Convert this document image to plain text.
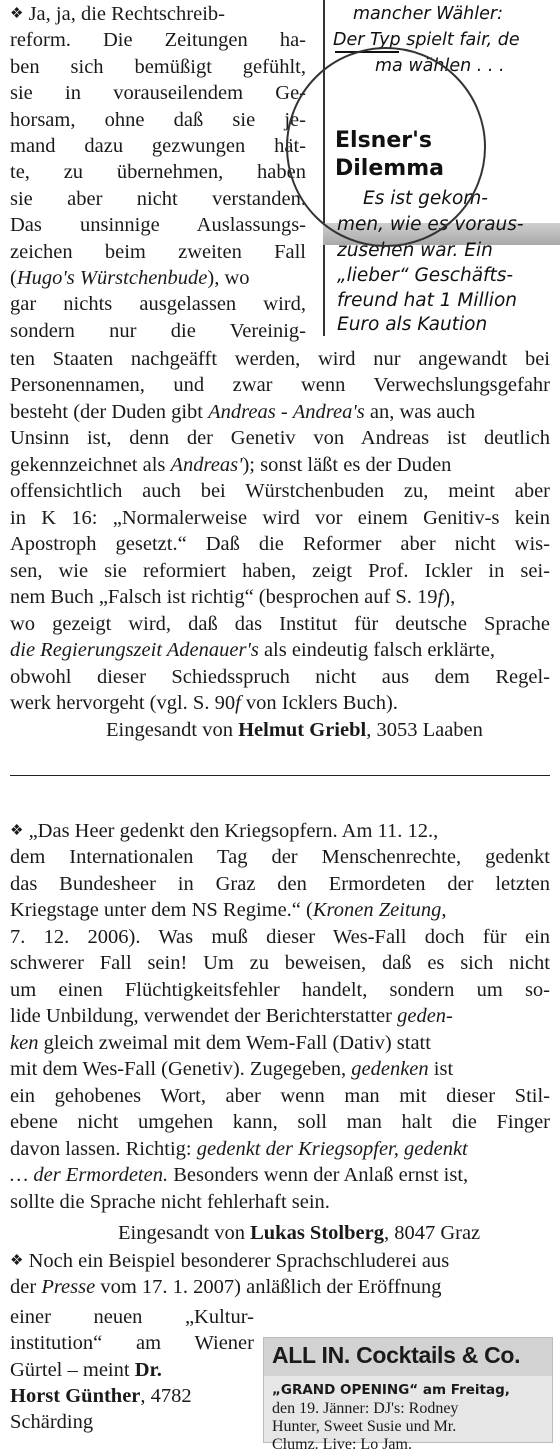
❖ Ja, ja, die Rechtschreib-
reform. Die Zeitungen ha-
ben sich bemüßigt gefühlt,
sie in vorauseilendem Ge-
horsam, ohne daß sie je-
mand dazu gezwungen hät-
te, zu übernehmen, haben
sie aber nicht verstanden.
Das unsinnige Auslassungs-
zeichen beim zweiten Fall
(Hugo's Würstchenbude), wo
gar nichts ausgelassen wird,
sondern nur die Vereinig-
ten Staaten nachgeäfft werden, wird nur angewandt bei
Personennamen, und zwar wenn Verwechslungsgefahr
besteht (der Duden gibt Andreas - Andrea's an, was auch
Unsinn ist, denn der Genetiv von Andreas ist deutlich
gekennzeichnet als Andreas'); sonst läßt es der Duden
offensichtlich auch bei Würstchenbuden zu, meint aber
in K 16: „Normalerweise wird vor einem Genitiv-s kein
Apostroph gesetzt.“ Daß die Reformer aber nicht wis-
sen, wie sie reformiert haben, zeigt Prof. Ickler in sei-
nem Buch „Falsch ist richtig“ (besprochen auf S. 19f),
wo gezeigt wird, daß das Institut für deutsche Sprache
die Regierungszeit Adenauer's als eindeutig falsch erklärte,
obwohl dieser Schiedsspruch nicht aus dem Regel-
werk hervorgeht (vgl. S. 90f von Icklers Buch).
Eingesandt von Helmut Griebl, 3053 Laaben
mancher Wähler:
Der Typ spielt fair, de
ma wählen . . .
Elsner's
Dilemma
Es ist gekom-
men, wie es voraus-
zusehen war. Ein
„lieber“ Geschäfts-
freund hat 1 Million
Euro als Kaution
❖ „Das Heer gedenkt den Kriegsopfern. Am 11. 12.,
dem Internationalen Tag der Menschenrechte, gedenkt
das Bundesheer in Graz den Ermordeten der letzten
Kriegstage unter dem NS Regime.“ (Kronen Zeitung,
7. 12. 2006). Was muß dieser Wes-Fall doch für ein
schwerer Fall sein! Um zu beweisen, daß es sich nicht
um einen Flüchtigkeitsfehler handelt, sondern um so-
lide Unbildung, verwendet der Berichterstatter geden-
ken gleich zweimal mit dem Wem-Fall (Dativ) statt
mit dem Wes-Fall (Genetiv). Zugegeben, gedenken ist
ein gehobenes Wort, aber wenn man mit dieser Stil-
ebene nicht umgehen kann, soll man halt die Finger
davon lassen. Richtig: gedenkt der Kriegsopfer, gedenkt
… der Ermordeten. Besonders wenn der Anlaß ernst ist,
sollte die Sprache nicht fehlerhaft sein.
Eingesandt von Lukas Stolberg, 8047 Graz
❖ Noch ein Beispiel besonderer Sprachschluderei aus
der Presse vom 17. 1. 2007) anläßlich der Eröffnung
einer neuen „Kultur-
institution“ am Wiener
Gürtel – meint Dr.
Horst Günther, 4782
Schärding
ALL IN. Cocktails & Co.
„GRAND OPENING“ am Freitag,
den 19. Jänner: DJ's: Rodney
Hunter, Sweet Susie und Mr.
Clumz. Live: Lo Jam.
